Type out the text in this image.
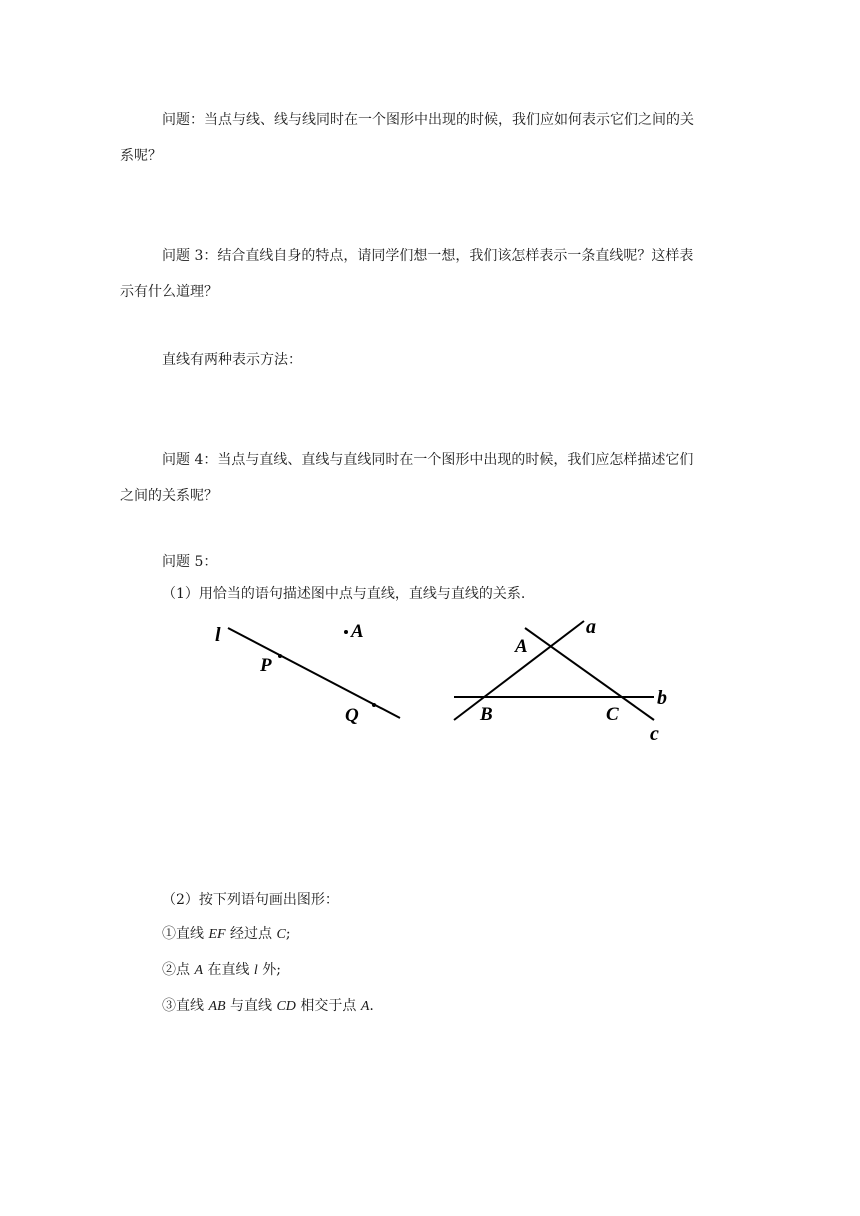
问题：当点与线、线与线同时在一个图形中出现的时候，我们应如何表示它们之间的关
系呢？
问题 3：结合直线自身的特点，请同学们想一想，我们该怎样表示一条直线呢？这样表
示有什么道理？
直线有两种表示方法：
问题 4：当点与直线、直线与直线同时在一个图形中出现的时候，我们应怎样描述它们
之间的关系呢？
问题 5：
（1）用恰当的语句描述图中点与直线，直线与直线的关系.
l
P
Q
A	a
b
c
A
B	C
（2）按下列语句画出图形：
①直线 EF 经过点 C;
②点 A 在直线 l 外;
③直线 AB 与直线 CD 相交于点 A.
